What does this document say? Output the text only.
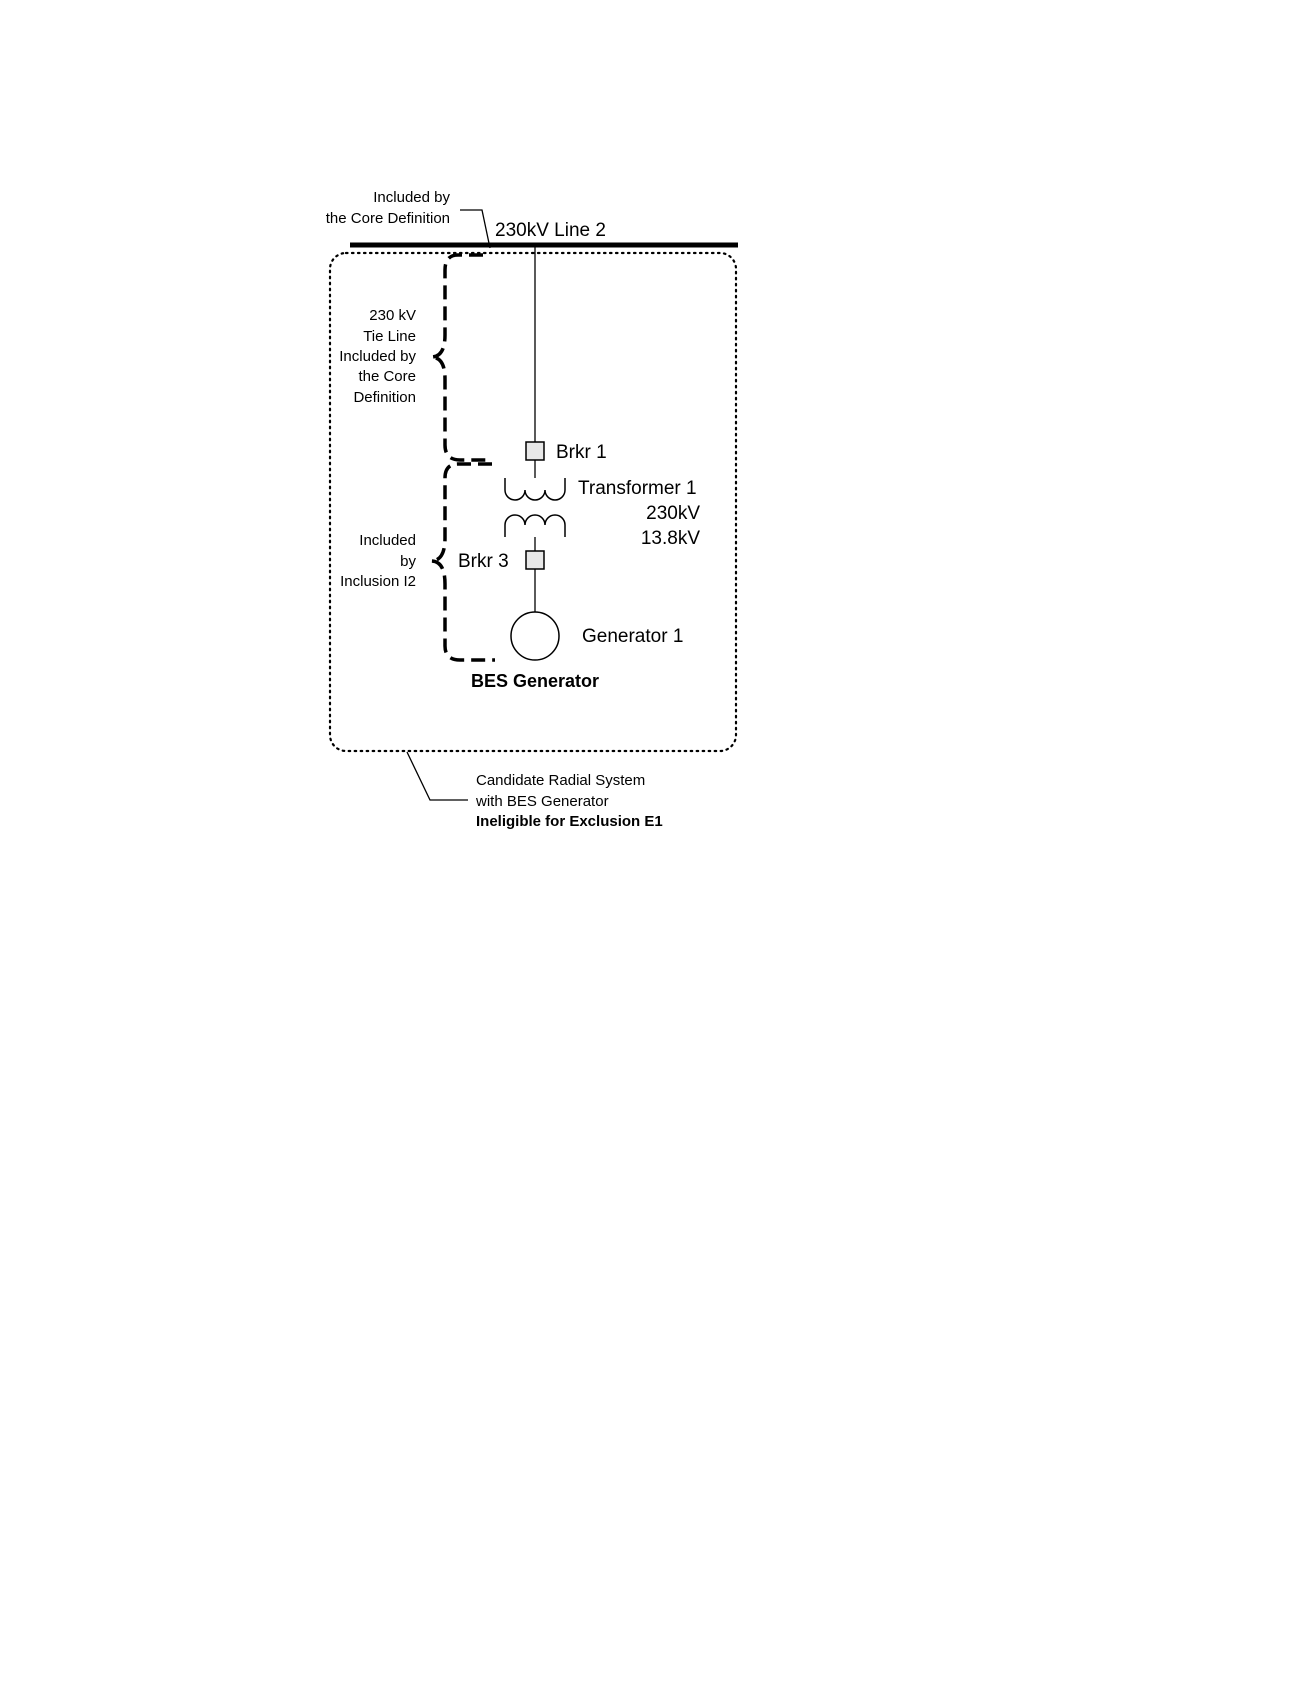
Included by
the Core Definition
230kV Line 2
Brkr 1
Transformer 1
230kV
13.8kV
Brkr 3
Generator 1
BES Generator
230 kV
Tie Line
Included by
the Core
Definition
Included
by
Inclusion I2
Candidate Radial System
with BES Generator
Ineligible for Exclusion E1
